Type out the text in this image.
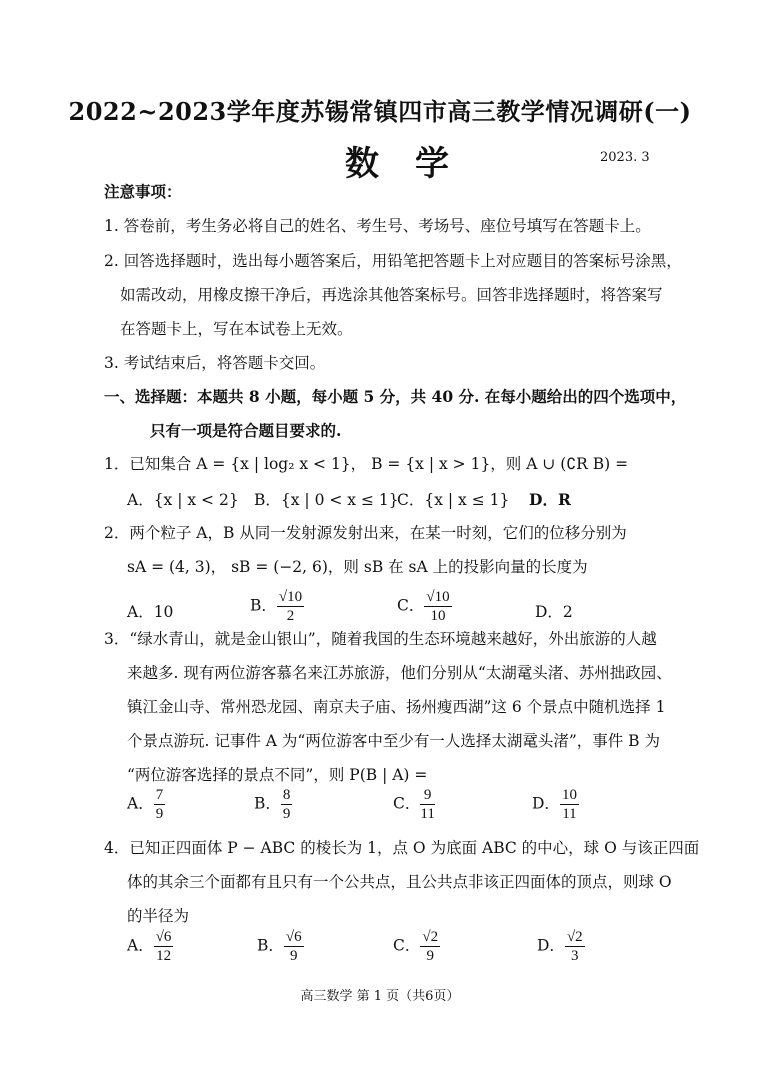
2022~2023学年度苏锡常镇四市高三教学情况调研(一)
数学	2023. 3
注意事项：
1. 答卷前，考生务必将自己的姓名、考生号、考场号、座位号填写在答题卡上。
2. 回答选择题时，选出每小题答案后，用铅笔把答题卡上对应题目的答案标号涂黑，
如需改动，用橡皮擦干净后，再选涂其他答案标号。回答非选择题时，将答案写
在答题卡上，写在本试卷上无效。
3. 考试结束后，将答题卡交回。
一、选择题：本题共 8 小题，每小题 5 分，共 40 分. 在每小题给出的四个选项中，
只有一项是符合题目要求的.
1．已知集合 A = {x | log₂ x < 1}， B = {x | x > 1}，则 A ∪ (∁R B) =
A．{x | x < 2} B．{x | 0 < x ≤ 1}
C．{x | x ≤ 1} D．R
2．两个粒子 A，B 从同一发射源发射出来，在某一时刻，它们的位移分别为
sA = (4, 3)， sB = (−2, 6)，则 sB 在 sA 上的投影向量的长度为
A．10	B． $\frac{√10}{2}$	C． $\frac{√10}{10}$	D．2
3．“绿水青山，就是金山银山”，随着我国的生态环境越来越好，外出旅游的人越
来越多. 现有两位游客慕名来江苏旅游，他们分别从“太湖鼋头渚、苏州拙政园、
镇江金山寺、常州恐龙园、南京夫子庙、扬州瘦西湖”这 6 个景点中随机选择 1
个景点游玩. 记事件 A 为“两位游客中至少有一人选择太湖鼋头渚”，事件 B 为
“两位游客选择的景点不同”，则 P(B | A) =
A． $\frac{7}{9}$	B． $\frac{8}{9}$	C． $\frac{9}{11}$	D． $\frac{10}{11}$
4．已知正四面体 P − ABC 的棱长为 1，点 O 为底面 ABC 的中心，球 O 与该正四面
体的其余三个面都有且只有一个公共点，且公共点非该正四面体的顶点，则球 O
的半径为
A． $\frac{√6}{12}$	B． $\frac{√6}{9}$	C． $\frac{√2}{9}$	D． $\frac{√2}{3}$
高三数学 第 1 页（共6页）
